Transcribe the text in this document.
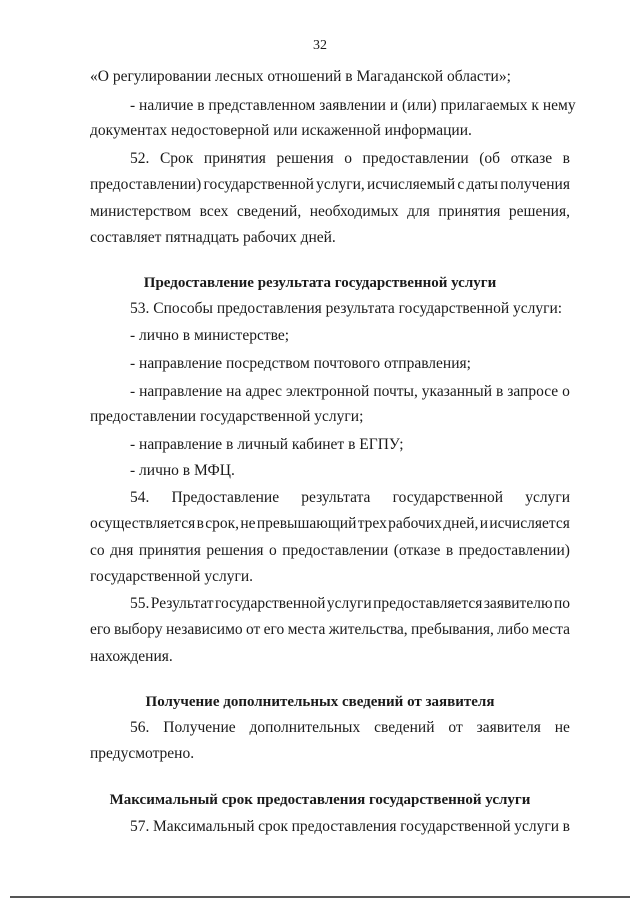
32
«О регулировании лесных отношений в Магаданской области»;
- наличие в представленном заявлении и (или) прилагаемых к нему
документах недостоверной или искаженной информации.
52. Срок принятия решения о предоставлении (об отказе в
предоставлении) государственной услуги, исчисляемый с даты получения
министерством всех сведений, необходимых для принятия решения,
составляет пятнадцать рабочих дней.
Предоставление результата государственной услуги
53. Способы предоставления результата государственной услуги:
- лично в министерстве;
- направление посредством почтового отправления;
- направление на адрес электронной почты, указанный в запросе о
предоставлении государственной услуги;
- направление в личный кабинет в ЕГПУ;
- лично в МФЦ.
54. Предоставление результата государственной услуги
осуществляется в срок, не превышающий трех рабочих дней, и исчисляется
со дня принятия решения о предоставлении (отказе в предоставлении)
государственной услуги.
55. Результат государственной услуги предоставляется заявителю по
его выбору независимо от его места жительства, пребывания, либо места
нахождения.
Получение дополнительных сведений от заявителя
56. Получение дополнительных сведений от заявителя не
предусмотрено.
Максимальный срок предоставления государственной услуги
57. Максимальный срок предоставления государственной услуги в
